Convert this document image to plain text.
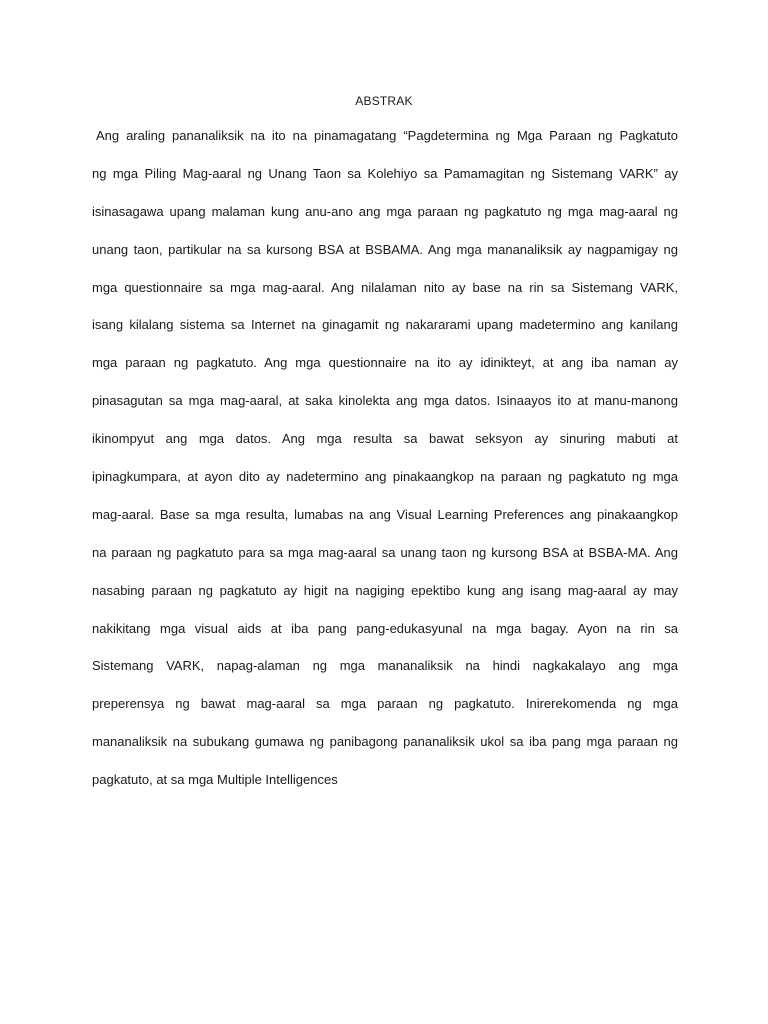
ABSTRAK
Ang araling pananaliksik na ito na pinamagatang “Pagdetermina ng Mga Paraan ng Pagkatuto
ng mga Piling Mag-aaral ng Unang Taon sa Kolehiyo sa Pamamagitan ng Sistemang VARK” ay
isinasagawa upang malaman kung anu-ano ang mga paraan ng pagkatuto ng mga mag-aaral ng
unang taon, partikular na sa kursong BSA at BSBAMA. Ang mga mananaliksik ay nagpamigay ng
mga questionnaire sa mga mag-aaral. Ang nilalaman nito ay base na rin sa Sistemang VARK,
isang kilalang sistema sa Internet na ginagamit ng nakararami upang madetermino ang kanilang
mga paraan ng pagkatuto. Ang mga questionnaire na ito ay idinikteyt, at ang iba naman ay
pinasagutan sa mga mag-aaral, at saka kinolekta ang mga datos. Isinaayos ito at manu-manong
ikinompyut ang mga datos. Ang mga resulta sa bawat seksyon ay sinuring mabuti at
ipinagkumpara, at ayon dito ay nadetermino ang pinakaangkop na paraan ng pagkatuto ng mga
mag-aaral. Base sa mga resulta, lumabas na ang Visual Learning Preferences ang pinakaangkop
na paraan ng pagkatuto para sa mga mag-aaral sa unang taon ng kursong BSA at BSBA-MA. Ang
nasabing paraan ng pagkatuto ay higit na nagiging epektibo kung ang isang mag-aaral ay may
nakikitang mga visual aids at iba pang pang-edukasyunal na mga bagay. Ayon na rin sa
Sistemang VARK, napag-alaman ng mga mananaliksik na hindi nagkakalayo ang mga
preperensya ng bawat mag-aaral sa mga paraan ng pagkatuto. Inirerekomenda ng mga
mananaliksik na subukang gumawa ng panibagong pananaliksik ukol sa iba pang mga paraan ng
pagkatuto, at sa mga Multiple Intelligences
